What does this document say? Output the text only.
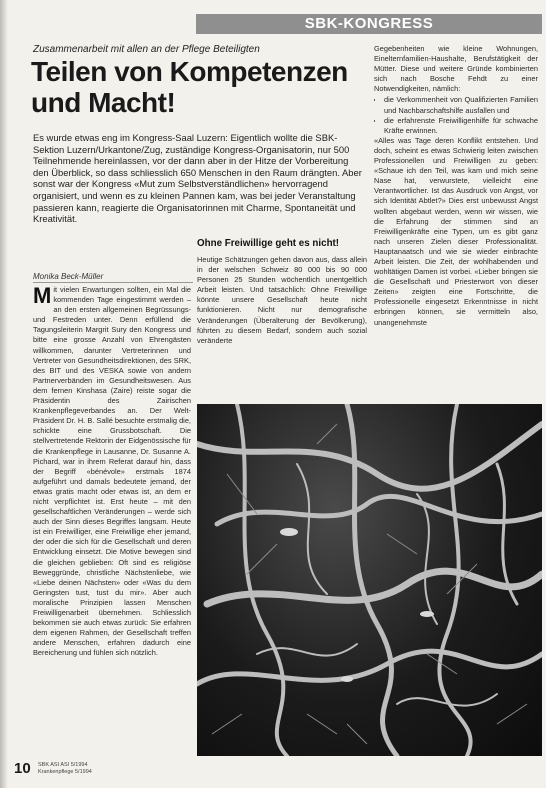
SBK-KONGRESS
Zusammenarbeit mit allen an der Pflege Beteiligten
Teilen von Kompetenzen und Macht!
Es wurde etwas eng im Kongress-Saal Luzern: Eigentlich wollte die SBK-Sektion Luzern/Urkantone/Zug, zuständige Kongress-Organisatorin, nur 500 Teilnehmende hereinlassen, vor der dann aber in der Hitze der Vorbereitung den Überblick, so dass schliesslich 650 Menschen in den Raum drängten. Aber sonst war der Kongress «Mut zum Selbstverständlichen» hervorragend organisiert, und wenn es zu kleinen Pannen kam, was bei jeder Veranstaltung passieren kann, reagierte die Organisatorinnen mit Charme, Spontaneität und Kreativität.
Monika Beck-Müller
M it vielen Erwartungen sollten, ein Mal die kommenden Tage eingestimmt werden – an den ersten allgemeinen Begrüssungs- und Festreden unter. Denn erfüllend die Tagungsleiterin Margrit Sury den Kongress und bitte eine grosse Anzahl von Ehrengästen willkommen, darunter Vertreterinnen und Vertreter von Gesundheitsdirektionen, des SRK, des BIT und des VESKA sowie von andern Partnerverbänden im Gesundheitswesen. Aus dem fernen Kinshasa (Zaire) reiste sogar die Präsidentin des Zairischen Krankenpflegeverbandes an. Der Welt-Präsident Dr. H. B. Sallé besuchte erstmalig die, schickte eine Grussbotschaft. Die stellvertretende Rektorin der Eidgenössische für die Krankenpflege in Lausanne, Dr. Susanne A. Pichard, war in ihrem Referat darauf hin, dass der Begriff «bénévole» erstmals 1874 aufgeführt und damals bedeutete jemand, der etwas gratis macht oder etwas ist, an dem er nicht verpflichtet ist. Erst heute – mit den gesellschaftlichen Veränderungen – werde sich auch der Sinn dieses Begriffes langsam. Heute ist ein Freiwilliger, eine Freiwillige eher jemand, der oder die sich für die Gesellschaft und deren Entwicklung einsetzt. Die Motive bewegen sind die gleichen geblieben: Oft sind es religiöse Beweggründe, christliche Nächstenliebe, wie «Liebe deinen Nächsten» oder «Was du dem Geringsten tust, tust du mir». Aber auch moralische Prinzipien lassen Menschen Freiwilligenarbeit übernehmen. Schliesslich bekommen sie auch etwas zurück: Sie erfahren dem eigenen Rahmen, der Gesellschaft treffen andere Menschen, erfahren dadurch eine Bereicherung und fühlen sich nützlich.

Ohne Freiwillige geht es nicht!

Heutige Schätzungen gehen davon aus, dass allein in der welschen Schweiz 80 000 bis 90 000 Personen 25 Stunden wöchentlich unentgeltlich Arbeit leisten. Und tatsächlich: Ohne Freiwillige könnte unsere Gesellschaft heute nicht funktionieren. Nicht nur demografische Veränderungen (Überalterung der Bevölkerung), führten zu diesem Bedarf, sondern auch sozial veränderte

Gegebenheiten wie kleine Wohnungen, Einelternfamilien-Haushalte, Berufstätigkeit der Mütter. Diese und weitere Gründe kombinierten sich nach Bosche Fehdt zu einer Notwendigkeiten, nämlich:

• die Verkommenheit von Qualifizierten Familien und Nachbarschaftshilfe ausfallen und
• die erfahrenste Freiwilligenhilfe für schwache Kräfte erwinnen.

«Alles was Tage deren Konflikt entstehen. Und doch, scheint es etwas Schwierig leiten zwischen Professionellen und Freiwilligen zu geben: «Schaue ich den Teil, was kam und mich seine Nase hat, verwurstete, vielleicht eine Verantwortlicher. Ist das Ausdruck von Angst, vor sich Identität Abtlet?» Dies erst unbewusst Angst wollten abgebaut werden, wenn wir wissen, wie die Erfahrung der stimmen sind an Freiwilligenkräfte eine Typen, um es gibt ganz nach unseren Zielen dieser Professionalität. Hauptanaatsch und wie sie wieder einbrachte Arbeit leisten. Die Zeit, der wohlhabenden und wohltätigen Damen ist vorbei. «Lieber bringen sie die Gesellschaft und Priesterwort von dieser Zeiten» zeigten eine Fortschritte, die Professionelle eingesetzt Erkenntnisse in nicht erbringen können, sie vermitteln also, unangenehmste

10 SBK ASI ASI 5/1994
Krankenpflege 5/1994
